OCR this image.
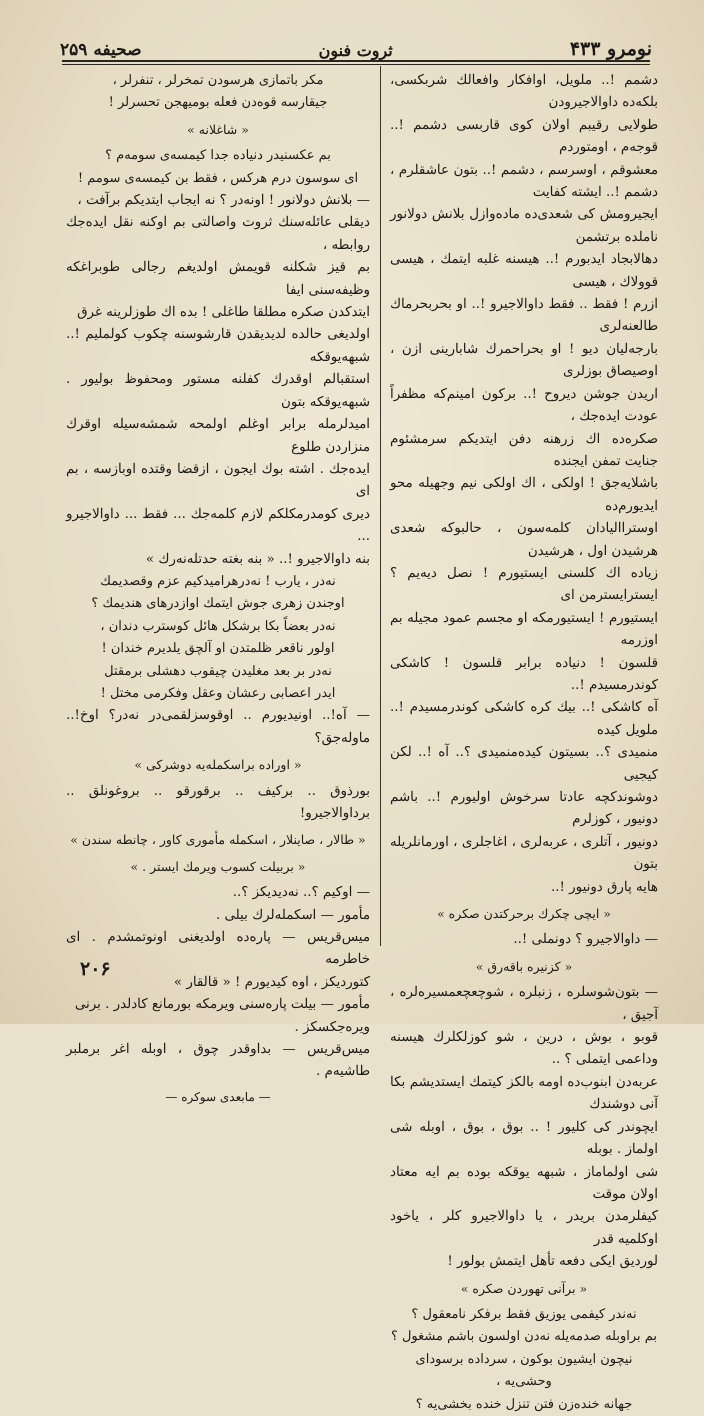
نومرو ۴۳۳
ثروت فنون
صحیفه ۲۵۹

دشمم !.. ملویل، اوافکار وافعالك شربكسی، بلكه‌ده داوالاجیرودن

طولایی رقیبم اولان کوی قاربسی دشمم !.. قوجه‌م ، اومتوردم

معشوقم ، اوسرسم ، دشمم !.. بتون عاشقلرم ، دشمم !.. ایشته کفایت

ایجیرومش کی شعدی‌ده ماده‌وازل بلانش دولانور ناملده برتشمن

دهالابجاد ایدبورم !.. هیسنه غلبه ایتمك ، هیسی قوولاك ، هیسی

ازرم ! فقط .. فقط داوالاجیرو !.. او بحربحرماك طالعنه‌لری

بارجه‌لیان دیو ! او بحراحمرك شابارینی ازن ، اوصیصاق بوزلری

اریدن جوشن دیروح !.. برکون امینم‌که مظفراً عودت ایده‌جك ،

صکره‌ده اك زرهنه دفن ایتدیکم سرمشئوم جنایت تمفن ایجنده

باشلایه‌جق ! اولکی ، اك اولکی نیم وجهیله محو ایدیورم‌ده

اوستراالیادان کلمه‌سون ، حالبوکه شعدی هرشیدن اول ، هرشیدن

زیاده اك کلسنی ایستیورم ! نصل دیه‌یم ؟ ایسترایسترمن ای

ایستیورم ! ایستیورمکه او مجسم عمود مجیله بم اوزرمه

قلسون ! دنیاده برابر قلسون ! کاشکی کوندرمسیدم !..

آه کاشکی !.. بیك کره کاشکی کوندرمسیدم !.. ملویل کیده‌

منمیدی ؟.. بسیتون کیده‌منمیدی ؟.. آه !.. لکن کیجیی

دوشوندکچه عادتا سرخوش اولیورم !.. باشم دونیور ، کوزلرم

دونیور ، آتلری ، عربه‌لری ، اغاجلری ، اورمانلریله بتون

هایه‌ پارق دونیور !..

« ایچی چکرك برحرکتدن صکره »

— داوالاجیرو ؟ دونملی !..

« کزنیره باقه‌رق »

— بتون‌شو‌سلره ، زنبلره ، شوچعچعمسیره‌لره ، آجیق ،

قوبو ، بوش ، درین ، شو کوزلکلرك هیسنه وداعمی ایتملی ؟ ..

عربه‌دن ابنوب‌ده اومه بالکز کیتمك ایستدیشم بکا آنی دوشندك

ایچوندر کی کلیور ! .. بوق ، بوق ، اوبله شی اولماز . بوبله

شی اولماماز ، شبهه یوقکه بوده بم ایه معتاد اولان موقت

کیفلرمدن بریدر ، یا داوالاجیرو کلر ، یاخود اوکلمیه قدر

لوردیق ایکی دفعه تأهل ایتمش بولور !

« برآنی تهوردن صکره »

نه‌ندر کیفمی یوزیق فقط برفکر نامعقول ؟

بم براوبله صدمه‌یله نه‌دن اولسون باشم مشغول ؟

نیچون ایشیون بوکون ، سرداده برسودای وحشی‌یه ،

جهانه خنده‌زن فتن تنزل خنده بخشی‌یه ؟

مکر باتمازی هرسودن تمخرلر ، تنفرلر ،

جیقارسه قوه‌دن فعله بومیهجن تحسرلر !

« شاغلانه »

بم عکسنیدر دنیاده جدا کیمسه‌ی سومه‌م ؟

ای سوسون درم هرکس ، فقط بن کیمسه‌ی سومم !

— بلانش دولانور ! اونه‌در ؟ نه ایجاب ایتدیکم برآفت ،

دیقلی عائله‌سنك ثروت واصالتی بم اوکنه نقل ایده‌جك روابطه ،

بم قیز شکلنه قویمش اولدیغم رجالی طوبراغکه وظیفه‌سنی ایفا

ایتدکدن صکره مطلقا طاغلی ! بده اك طوزلرینه غرق

اولدیغی حالده لدیدیقدن قارشوسنه چکوب کولملیم !.. شبهه‌یوقکه

استقبالم اوقدرك کفلنه مستور ومحفوظ بولیور . شبهه‌یوقکه بتون

امیدلرمله برابر اوغلم اولمحه شمشه‌سیله اوقرك منزاردن طلوع

ایده‌جك . اشته بوك ایجون ، ازقضا وقتده اوبازسه ، بم ای

دیری کومدرمکلکم لازم کلمه‌جك ... فقط ... داوالاجیرو ...

بنه داوالاجیرو !.. « بنه بغته حدتله‌نه‌رك »

نه‌در ، یارب ! نه‌درهرامیدکیم عزم وقصدیمك

اوجندن زهری جوش ایتمك اوازدرهای هندیمك ؟

نه‌در بعضاً بکا برشکل هائل کوسترب دندان ،

اولور ناقعر ظلمتدن او آلچق یلدیرم خندان !

نه‌در بر بعد مغلیدن چیقوب دهشلی برمقتل

ایدر اعصابی رعشان وعقل وفکرمی مختل !

— آه!.. اونیدیورم .. اوقوسزلقمی‌در نه‌در؟ اوخ!.. ماوله‌جق؟

« اوراده براسکمله‌یه دوشرکی »

بورذوق .. برکیف .. برقورقو .. بروغونلق .. برداوالاجیرو!

« طالار ، صاینلار ، اسکمله مأموری کاور ، چانطه سندن »

« بربیلت کسوب ویرمك ایستر . »

— اوکیم ؟.. نه‌دیدیکز ؟..

مأمور — اسکمله‌لرك بیلی .

میس‌قریس — پاره‌ده اولدیغنی اونوتمشدم . ای خاطرمه

کتوردیکز ، اوه کیدیورم ! « قالقار »

مأمور — بیلت پاره‌سنی ویرمکه بورمانع کادلدر . برنی

ویره‌جکسکز .

میس‌قریس — بداوقدر چوق ، اوبله اغر برملبر طاشیه‌م .

— مابعدی سوکره —

۲۰۶
